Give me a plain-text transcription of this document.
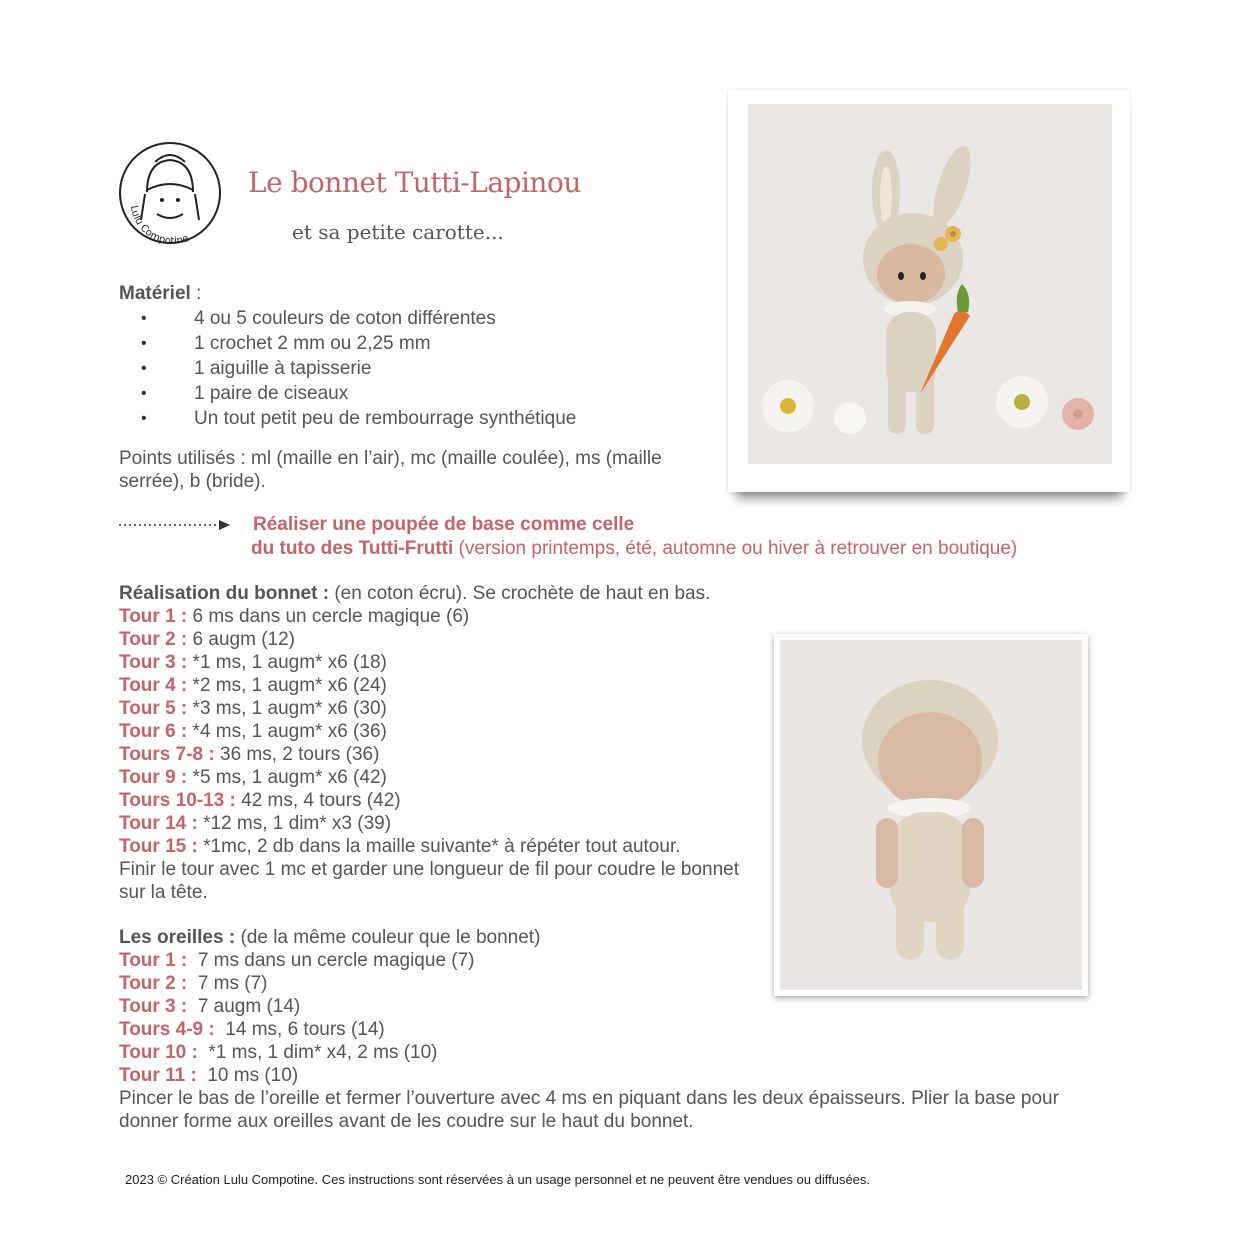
Lulu Compotine
Le bonnet Tutti-Lapinou
et sa petite carotte...
Matériel :
• 4 ou 5 couleurs de coton différentes
• 1 crochet 2 mm ou 2,25 mm
• 1 aiguille à tapisserie
• 1 paire de ciseaux
• Un tout petit peu de rembourrage synthétique
Points utilisés : ml (maille en l’air), mc (maille coulée), ms (maille serrée), b (bride).
Réaliser une poupée de base comme celle
du tuto des Tutti-Frutti (version printemps, été, automne ou hiver à retrouver en boutique)
Réalisation du bonnet : (en coton écru). Se crochète de haut en bas.
Tour 1 : 6 ms dans un cercle magique (6)
Tour 2 : 6 augm (12)
Tour 3 : *1 ms, 1 augm* x6 (18)
Tour 4 : *2 ms, 1 augm* x6 (24)
Tour 5 : *3 ms, 1 augm* x6 (30)
Tour 6 : *4 ms, 1 augm* x6 (36)
Tours 7-8 : 36 ms, 2 tours (36)
Tour 9 : *5 ms, 1 augm* x6 (42)
Tours 10-13 : 42 ms, 4 tours (42)
Tour 14 : *12 ms, 1 dim* x3 (39)
Tour 15 : *1mc, 2 db dans la maille suivante* à répéter tout autour.
Finir le tour avec 1 mc et garder une longueur de fil pour coudre le bonnet sur la tête.
Les oreilles : (de la même couleur que le bonnet)
Tour 1 :  7 ms dans un cercle magique (7)
Tour 2 :  7 ms (7)
Tour 3 :  7 augm (14)
Tours 4-9 :  14 ms, 6 tours (14)
Tour 10 :  *1 ms, 1 dim* x4, 2 ms (10)
Tour 11 :  10 ms (10)
Pincer le bas de l’oreille et fermer l’ouverture avec 4 ms en piquant dans les deux épaisseurs. Plier la base pour donner forme aux oreilles avant de les coudre sur le haut du bonnet.
2023 © Création Lulu Compotine. Ces instructions sont réservées à un usage personnel et ne peuvent être vendues ou diffusées.
